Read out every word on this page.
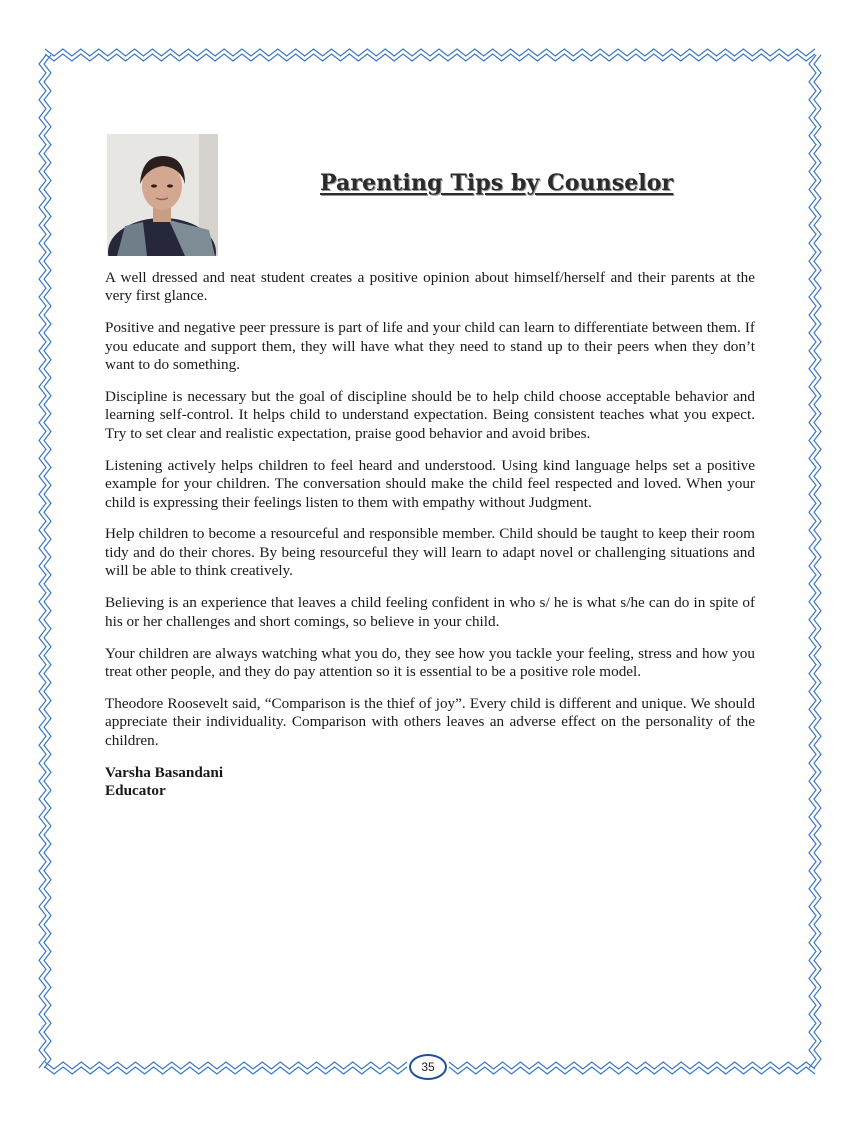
Parenting Tips by Counselor

A well dressed and neat student creates a positive opinion about himself/herself and their parents at the very first glance.

Positive and negative peer pressure is part of life and your child can learn to differentiate between them. If you educate and support them, they will have what they need to stand up to their peers when they don’t want to do something.

Discipline is necessary but the goal of discipline should be to help child choose acceptable behavior and learning self-control. It helps child to understand expectation. Being consistent teaches what you expect. Try to set clear and realistic expectation, praise good behavior and avoid bribes.

Listening actively helps children to feel heard and understood. Using kind language helps set a positive example for your children. The conversation should make the child feel respected and loved. When your child is expressing their feelings listen to them with empathy without Judgment.

Help children to become a resourceful and responsible member. Child should be taught to keep their room tidy and do their chores. By being resourceful they will learn to adapt novel or challenging situations and will be able to think creatively.

Believing is an experience that leaves a child feeling confident in who s/ he is what s/he can do in spite of his or her challenges and short comings, so believe in your child.

Your children are always watching what you do, they see how you tackle your feeling, stress and how you treat other people, and they do pay attention so it is essential to be a positive role model.

Theodore Roosevelt said, “Comparison is the thief of joy”. Every child is different and unique. We should appreciate their individuality. Comparison with others leaves an adverse effect on the personality of the children.

Varsha Basandani
Educator
35
